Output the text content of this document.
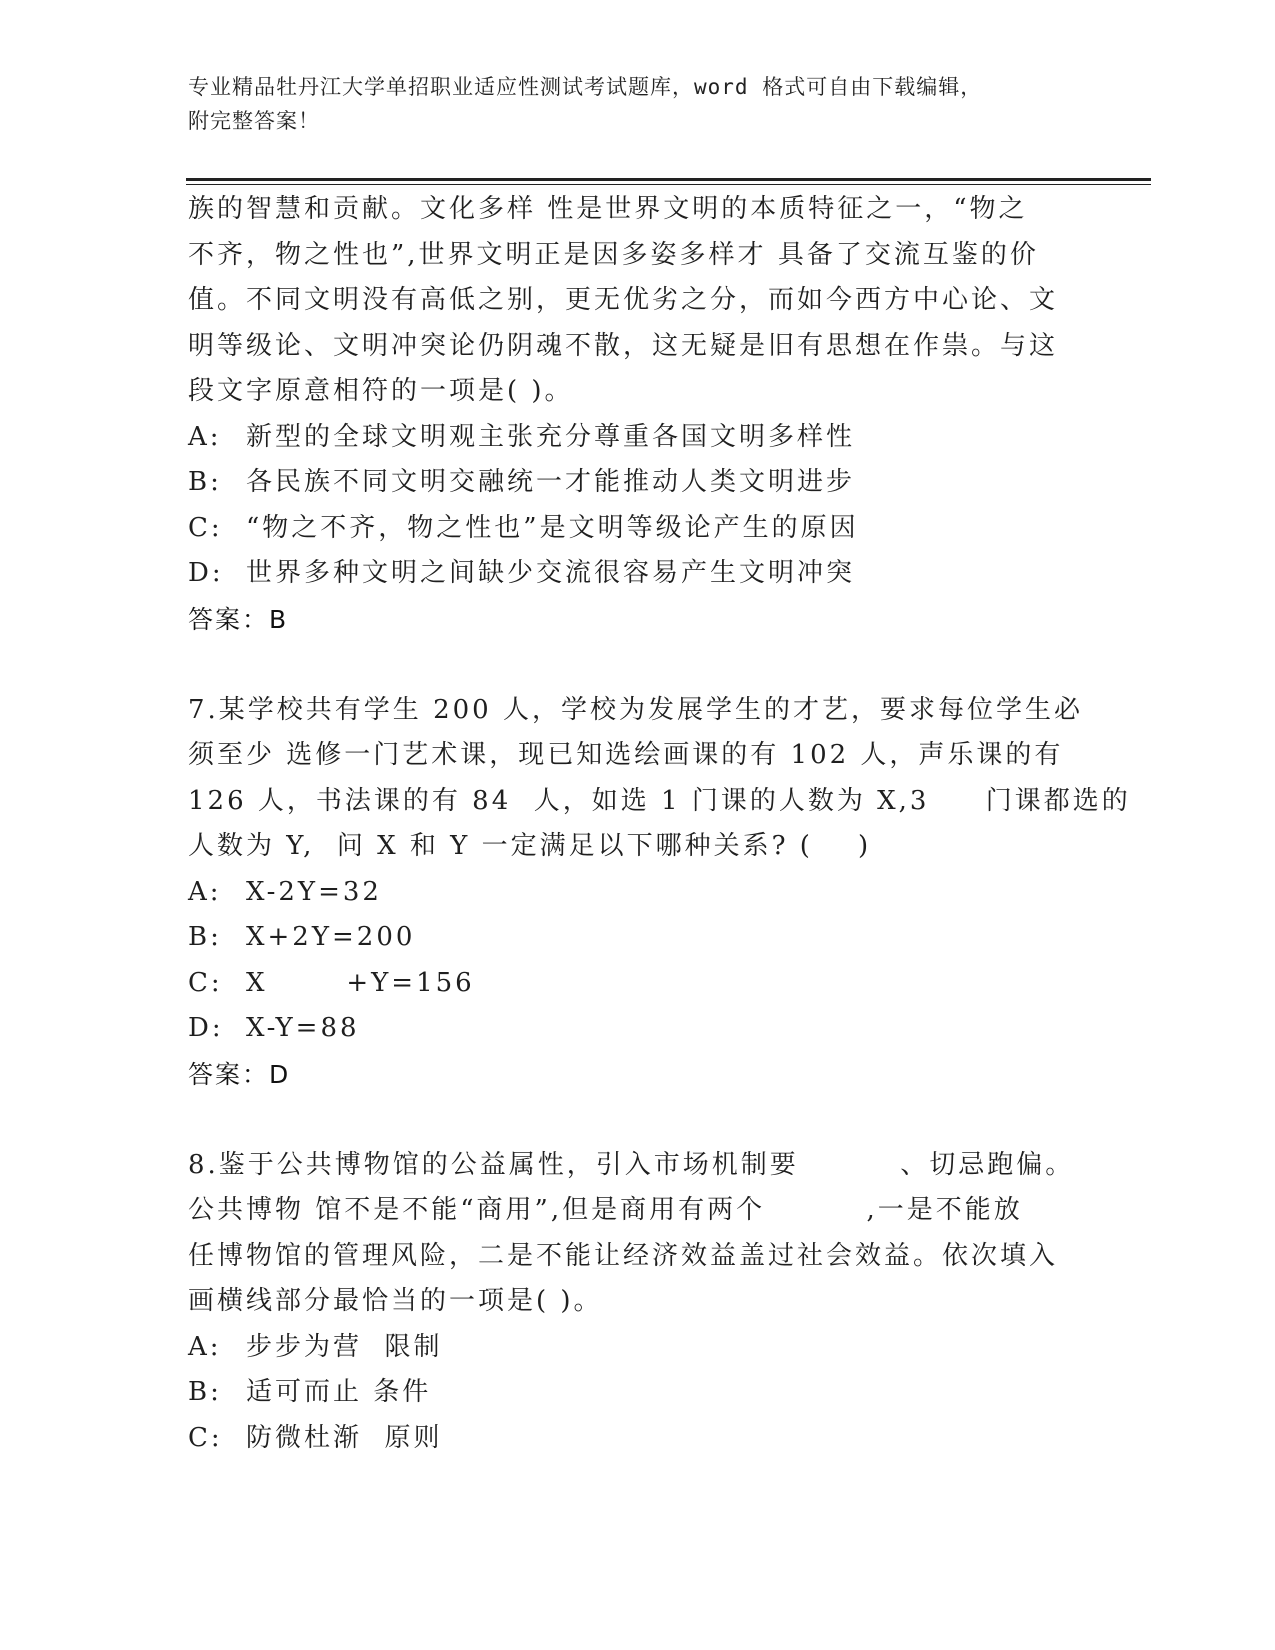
专业精品牡丹江大学单招职业适应性测试考试题库，word 格式可自由下载编辑，
附完整答案！

族的智慧和贡献。文化多样 性是世界文明的本质特征之一，“物之

不齐，物之性也”,世界文明正是因多姿多样才 具备了交流互鉴的价

值。不同文明没有高低之别，更无优劣之分，而如今西方中心论、文

明等级论、文明冲突论仍阴魂不散，这无疑是旧有思想在作祟。与这

段文字原意相符的一项是( )。

A: 新型的全球文明观主张充分尊重各国文明多样性

B: 各民族不同文明交融统一才能推动人类文明进步

C: “物之不齐，物之性也”是文明等级论产生的原因

D: 世界多种文明之间缺少交流很容易产生文明冲突

答案：B

7.某学校共有学生 200 人，学校为发展学生的才艺，要求每位学生必

须至少 选修一门艺术课，现已知选绘画课的有 102 人，声乐课的有

126 人，书法课的有 84  人，如选 1 门课的人数为 X,3     门课都选的

人数为 Y,  问 X 和 Y 一定满足以下哪种关系? (    )

A: X-2Y=32

B: X+2Y=200

C: X       +Y=156

D: X-Y=88

答案：D

8.鉴于公共博物馆的公益属性，引入市场机制要         、切忌跑偏。

公共博物 馆不是不能“商用”,但是商用有两个         ,一是不能放

任博物馆的管理风险，二是不能让经济效益盖过社会效益。依次填入

画横线部分最恰当的一项是( )。

A: 步步为营  限制

B: 适可而止 条件

C: 防微杜渐  原则
